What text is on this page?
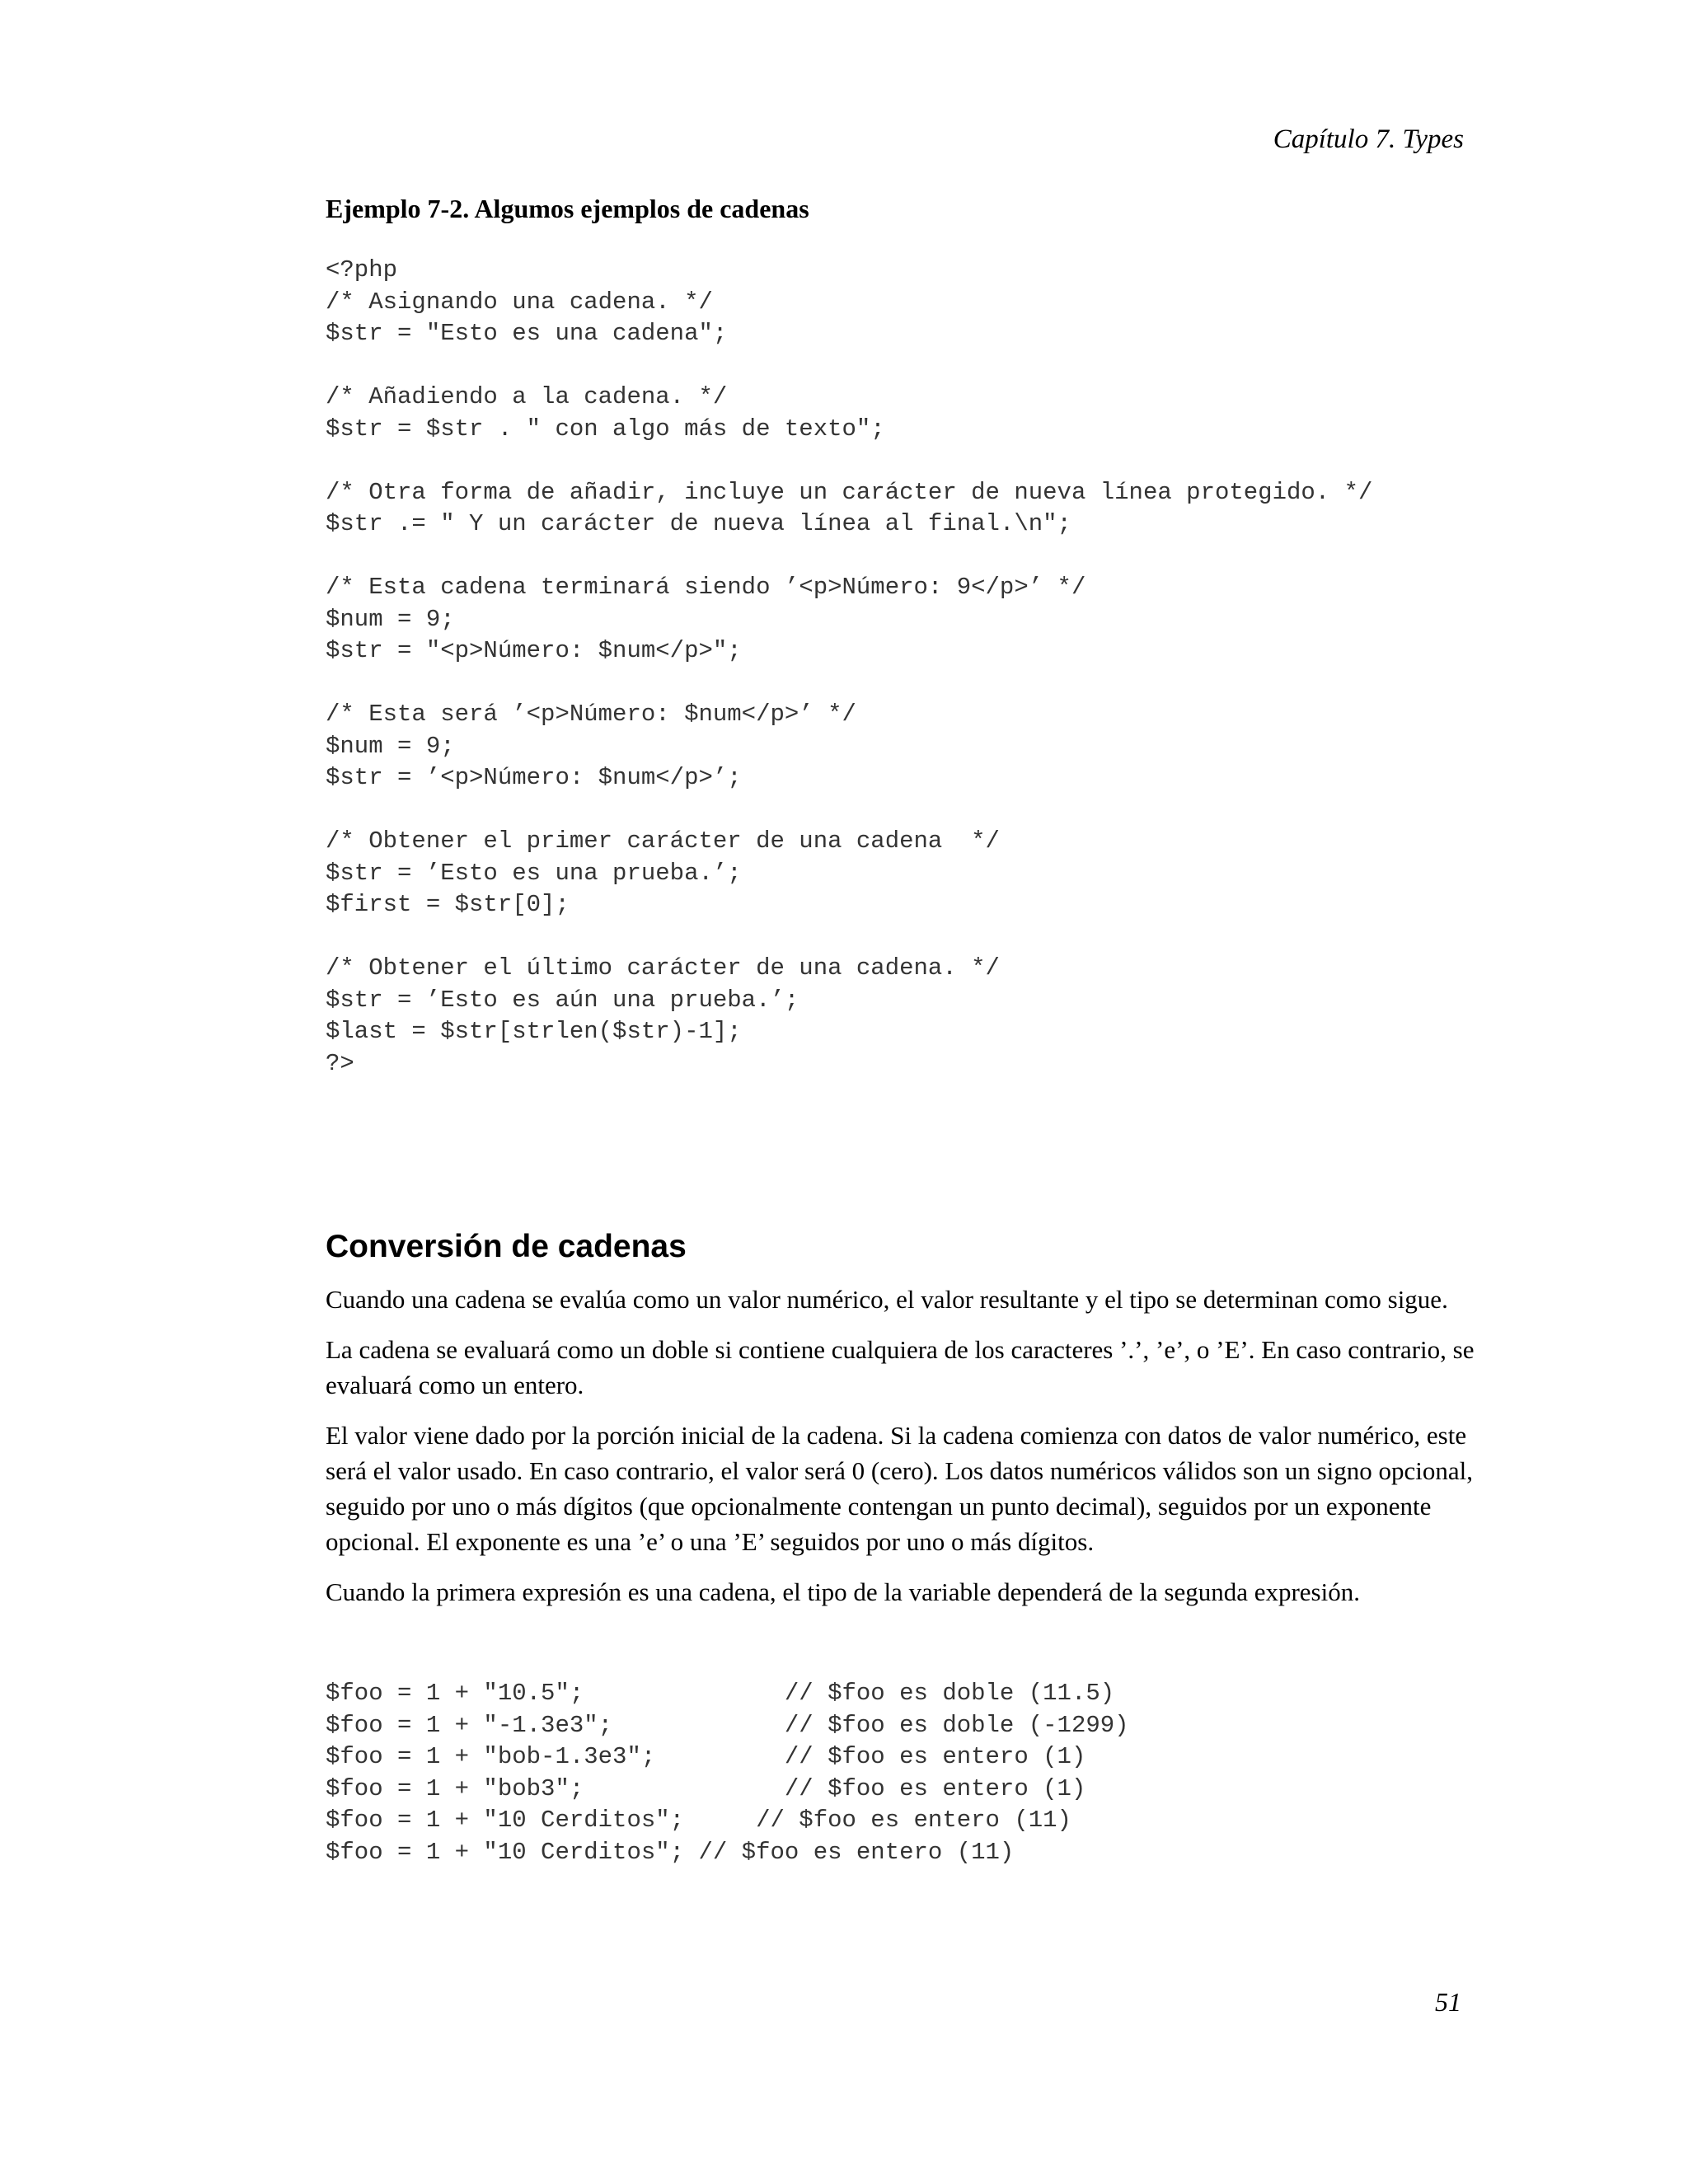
Capítulo 7. Types
Ejemplo 7-2. Algumos ejemplos de cadenas
<?php
/* Asignando una cadena. */
$str = "Esto es una cadena";
/* Añadiendo a la cadena. */
$str = $str . " con algo más de texto";
/* Otra forma de añadir, incluye un carácter de nueva línea protegido. */
$str .= " Y un carácter de nueva línea al final.\n";
/* Esta cadena terminará siendo ’<p>Número: 9</p>’ */
$num = 9;
$str = "<p>Número: $num</p>";
/* Esta será ’<p>Número: $num</p>’ */
$num = 9;
$str = ’<p>Número: $num</p>’;
/* Obtener el primer carácter de una cadena  */
$str = ’Esto es una prueba.’;
$first = $str[0];
/* Obtener el último carácter de una cadena. */
$str = ’Esto es aún una prueba.’;
$last = $str[strlen($str)-1];
?>
Conversión de cadenas

Cuando una cadena se evalúa como un valor numérico, el valor resultante y el tipo se determinan como sigue.

La cadena se evaluará como un doble si contiene cualquiera de los caracteres ’.’, ’e’, o ’E’. En caso contrario, se evaluará como un entero.

El valor viene dado por la porción inicial de la cadena. Si la cadena comienza con datos de valor numérico, este será el valor usado. En caso contrario, el valor será 0 (cero). Los datos numéricos válidos son un signo opcional, seguido por uno o más dígitos (que opcionalmente contengan un punto decimal), seguidos por un exponente opcional. El exponente es una ’e’ o una ’E’ seguidos por uno o más dígitos.

Cuando la primera expresión es una cadena, el tipo de la variable dependerá de la segunda expresión.

$foo = 1 + "10.5";              // $foo es doble (11.5)
$foo = 1 + "-1.3e3";            // $foo es doble (-1299)
$foo = 1 + "bob-1.3e3";         // $foo es entero (1)
$foo = 1 + "bob3";              // $foo es entero (1)
$foo = 1 + "10 Cerditos";     // $foo es entero (11)
$foo = 1 + "10 Cerditos"; // $foo es entero (11)
51
